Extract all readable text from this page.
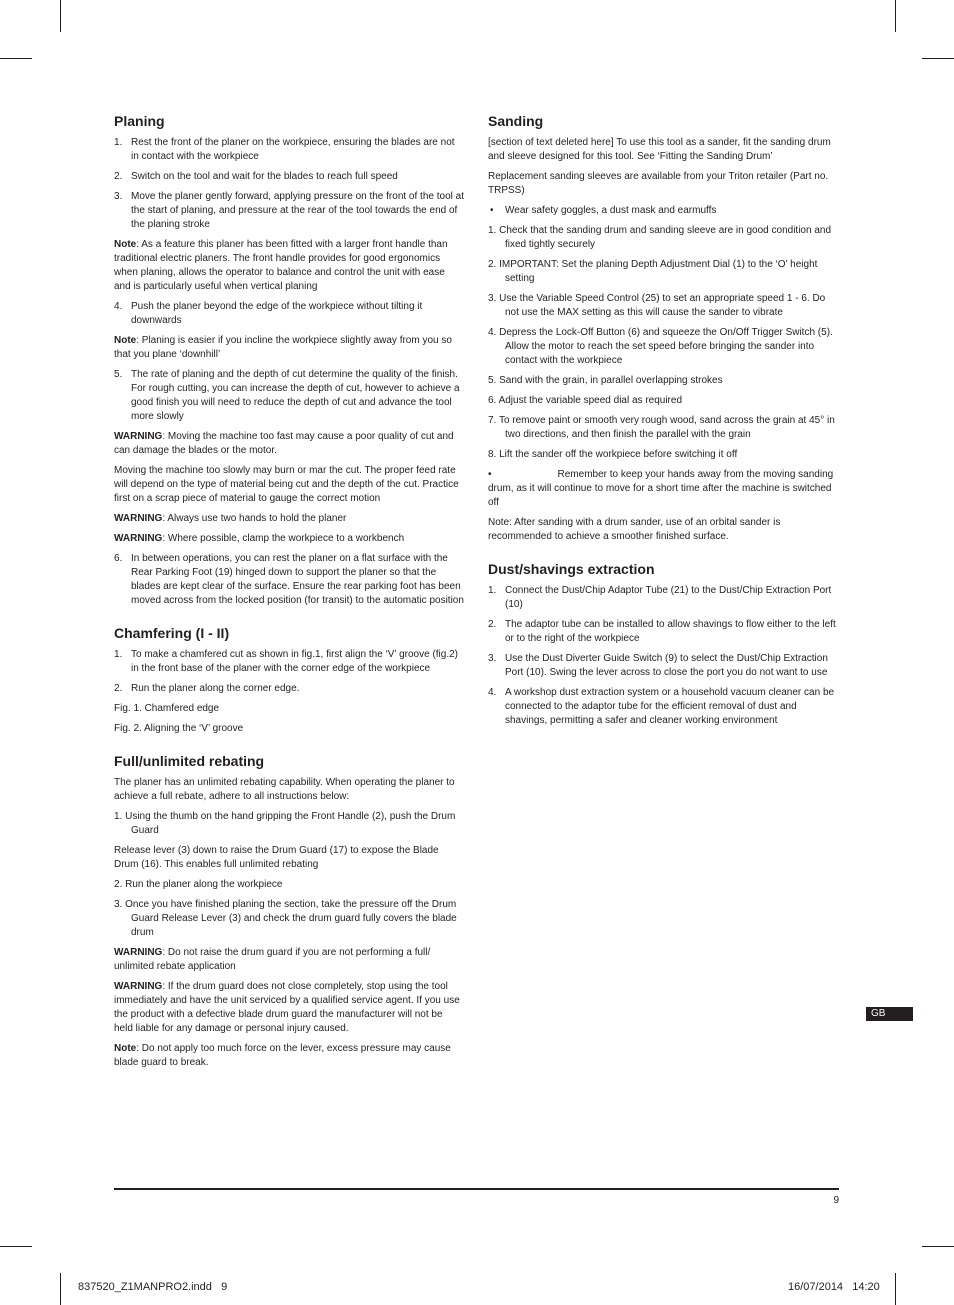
Planing
1. Rest the front of the planer on the workpiece, ensuring the blades are not in contact with the workpiece
2. Switch on the tool and wait for the blades to reach full speed
3. Move the planer gently forward, applying pressure on the front of the tool at the start of planing, and pressure at the rear of the tool towards the end of the planing stroke

Note: As a feature this planer has been fitted with a larger front handle than traditional electric planers. The front handle provides for good ergonomics when planing, allows the operator to balance and control the unit with ease and is particularly useful when vertical planing

4. Push the planer beyond the edge of the workpiece without tilting it downwards

Note: Planing is easier if you incline the workpiece slightly away from you so that you plane ‘downhill’

5. The rate of planing and the depth of cut determine the quality of the finish. For rough cutting, you can increase the depth of cut, however to achieve a good finish you will need to reduce the depth of cut and advance the tool more slowly

WARNING: Moving the machine too fast may cause a poor quality of cut and can damage the blades or the motor.

Moving the machine too slowly may burn or mar the cut. The proper feed rate will depend on the type of material being cut and the depth of the cut. Practice first on a scrap piece of material to gauge the correct motion

WARNING: Always use two hands to hold the planer

WARNING: Where possible, clamp the workpiece to a workbench

6. In between operations, you can rest the planer on a flat surface with the Rear Parking Foot (19) hinged down to support the planer so that the blades are kept clear of the surface. Ensure the rear parking foot has been moved across from the locked position (for transit) to the automatic position
Chamfering (I - II)
1. To make a chamfered cut as shown in fig.1, first align the ‘V’ groove (fig.2) in the front base of the planer with the corner edge of the workpiece
2. Run the planer along the corner edge.

Fig. 1. Chamfered edge

Fig. 2. Aligning the ‘V’ groove

Full/unlimited rebating

The planer has an unlimited rebating capability. When operating the planer to achieve a full rebate, adhere to all instructions below:

1. Using the thumb on the hand gripping the Front Handle (2), push the Drum Guard

Release lever (3) down to raise the Drum Guard (17) to expose the Blade Drum (16). This enables full unlimited rebating

2. Run the planer along the workpiece

3. Once you have finished planing the section, take the pressure off the Drum Guard Release Lever (3) and check the drum guard fully covers the blade drum

WARNING: Do not raise the drum guard if you are not performing a full/ unlimited rebate application

WARNING: If the drum guard does not close completely, stop using the tool immediately and have the unit serviced by a qualified service agent. If you use the product with a defective blade drum guard the manufacturer will not be held liable for any damage or personal injury caused.

Note: Do not apply too much force on the lever, excess pressure may cause blade guard to break.

Sanding

[section of text deleted here] To use this tool as a sander, fit the sanding drum and sleeve designed for this tool. See ‘Fitting the Sanding Drum’

Replacement sanding sleeves are available from your Triton retailer (Part no. TRPSS)

• Wear safety goggles, a dust mask and earmuffs

1. Check that the sanding drum and sanding sleeve are in good condition and fixed tightly securely

2. IMPORTANT: Set the planing Depth Adjustment Dial (1) to the ‘O’ height setting

3. Use the Variable Speed Control (25) to set an appropriate speed 1 - 6. Do not use the MAX setting as this will cause the sander to vibrate

4. Depress the Lock-Off Button (6) and squeeze the On/Off Trigger Switch (5). Allow the motor to reach the set speed before bringing the sander into contact with the workpiece

5. Sand with the grain, in parallel overlapping strokes

6. Adjust the variable speed dial as required

7. To remove paint or smooth very rough wood, sand across the grain at 45° in two directions, and then finish the parallel with the grain

8. Lift the sander off the workpiece before switching it off

•	Remember to keep your hands away from the moving sanding drum, as it will continue to move for a short time after the machine is switched off

Note: After sanding with a drum sander, use of an orbital sander is recommended to achieve a smoother finished surface.

Dust/shavings extraction
1. Connect the Dust/Chip Adaptor Tube (21) to the Dust/Chip Extraction Port (10)
2. The adaptor tube can be installed to allow shavings to flow either to the left or to the right of the workpiece
3. Use the Dust Diverter Guide Switch (9) to select the Dust/Chip Extraction Port (10). Swing the lever across to close the port you do not want to use
4. A workshop dust extraction system or a household vacuum cleaner can be connected to the adaptor tube for the efficient removal of dust and shavings, permitting a safer and cleaner working environment
GB
9
837520_Z1MANPRO2.indd   9	16/07/2014   14:20
